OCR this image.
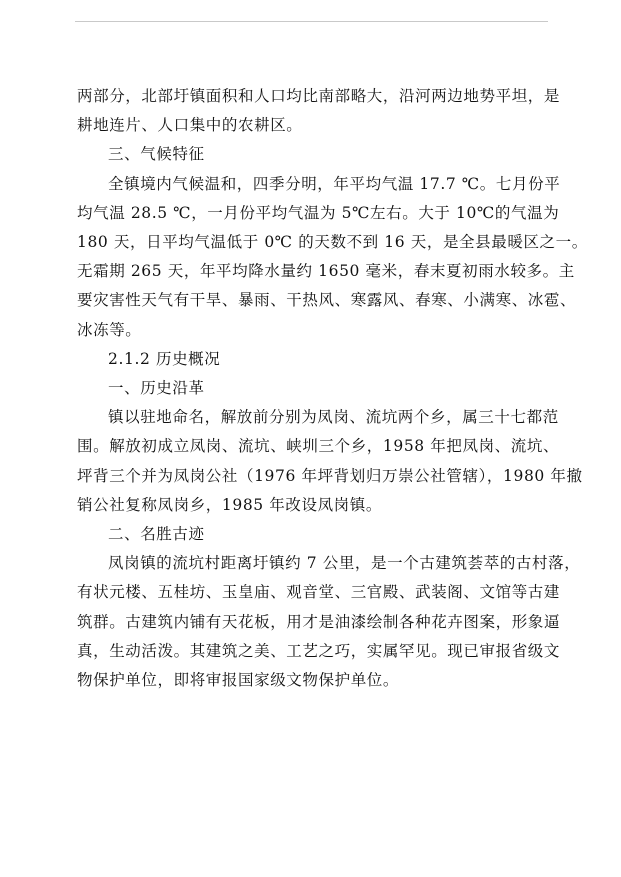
两部分，北部圩镇面积和人口均比南部略大，沿河两边地势平坦，是
耕地连片、人口集中的农耕区。

三、气候特征

全镇境内气候温和，四季分明，年平均气温 17.7 ℃。七月份平
均气温 28.5 ℃，一月份平均气温为 5℃左右。大于 10℃的气温为
180 天，日平均气温低于 0℃ 的天数不到 16 天，是全县最暖区之一。
无霜期 265 天，年平均降水量约 1650 毫米，春末夏初雨水较多。主
要灾害性天气有干旱、暴雨、干热风、寒露风、春寒、小满寒、冰雹、
冰冻等。

2.1.2 历史概况

一、历史沿革

镇以驻地命名，解放前分别为凤岗、流坑两个乡，属三十七都范
围。解放初成立凤岗、流坑、峡圳三个乡，1958 年把凤岗、流坑、
坪背三个并为凤岗公社（1976 年坪背划归万崇公社管辖），1980 年撤
销公社复称凤岗乡，1985 年改设凤岗镇。

二、名胜古迹

凤岗镇的流坑村距离圩镇约 7 公里，是一个古建筑荟萃的古村落，
有状元楼、五桂坊、玉皇庙、观音堂、三官殿、武装阁、文馆等古建
筑群。古建筑内铺有天花板，用才是油漆绘制各种花卉图案，形象逼
真，生动活泼。其建筑之美、工艺之巧，实属罕见。现已审报省级文
物保护单位，即将审报国家级文物保护单位。
